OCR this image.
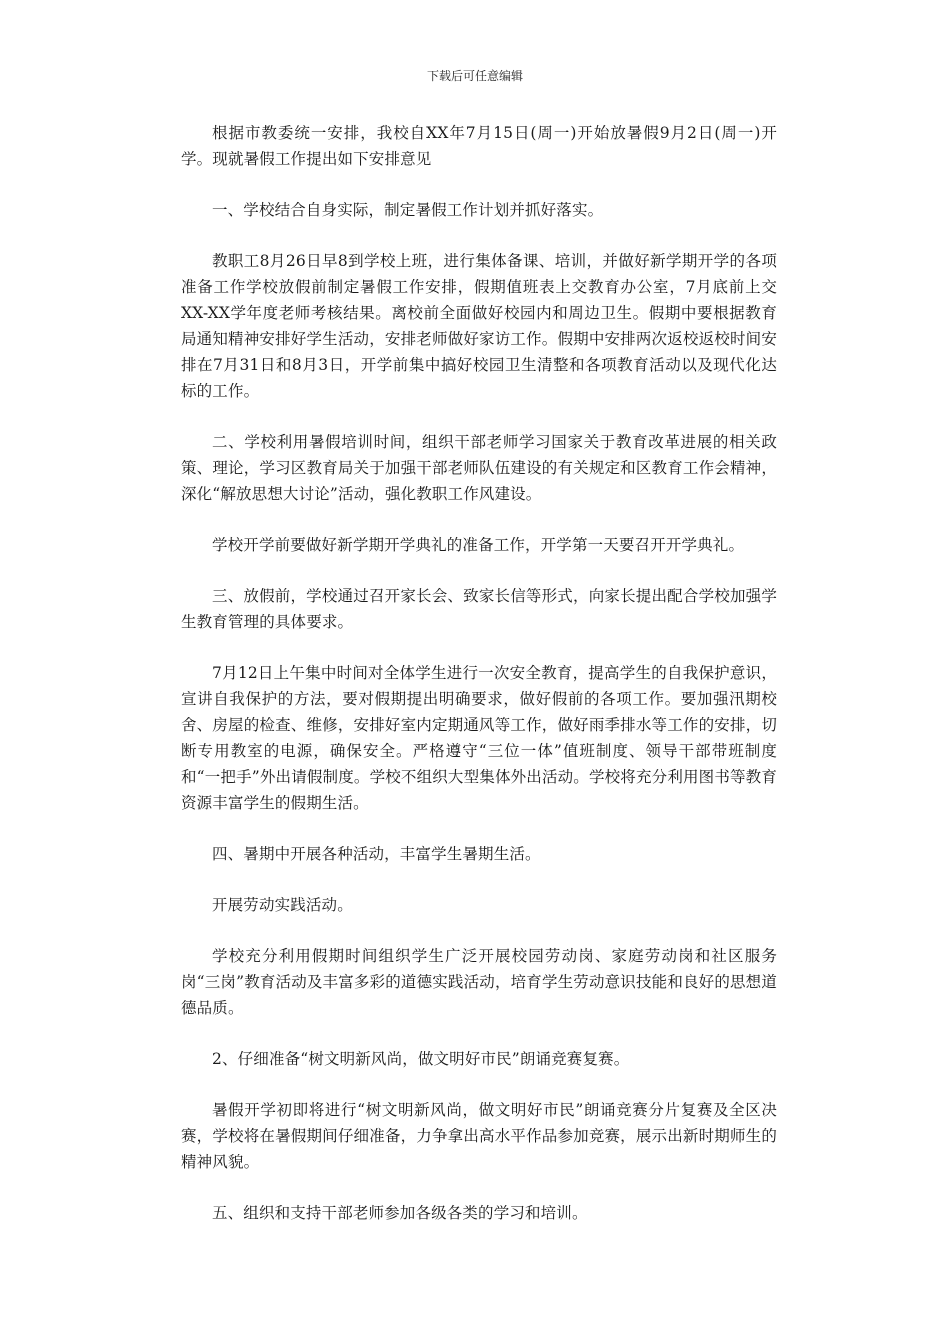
下载后可任意编辑

根据市教委统一安排，我校自XX年7月15日(周一)开始放暑假9月2日(周一)开学。现就暑假工作提出如下安排意见

一、学校结合自身实际，制定暑假工作计划并抓好落实。

教职工8月26日早8到学校上班，进行集体备课、培训，并做好新学期开学的各项准备工作学校放假前制定暑假工作安排，假期值班表上交教育办公室，7月底前上交XX-XX学年度老师考核结果。离校前全面做好校园内和周边卫生。假期中要根据教育局通知精神安排好学生活动，安排老师做好家访工作。假期中安排两次返校返校时间安排在7月31日和8月3日，开学前集中搞好校园卫生清整和各项教育活动以及现代化达标的工作。

二、学校利用暑假培训时间，组织干部老师学习国家关于教育改革进展的相关政策、理论，学习区教育局关于加强干部老师队伍建设的有关规定和区教育工作会精神，深化“解放思想大讨论”活动，强化教职工作风建设。

学校开学前要做好新学期开学典礼的准备工作，开学第一天要召开开学典礼。

三、放假前，学校通过召开家长会、致家长信等形式，向家长提出配合学校加强学生教育管理的具体要求。

7月12日上午集中时间对全体学生进行一次安全教育，提高学生的自我保护意识，宣讲自我保护的方法，要对假期提出明确要求，做好假前的各项工作。要加强汛期校舍、房屋的检查、维修，安排好室内定期通风等工作，做好雨季排水等工作的安排，切断专用教室的电源，确保安全。严格遵守“三位一体”值班制度、领导干部带班制度和“一把手”外出请假制度。学校不组织大型集体外出活动。学校将充分利用图书等教育资源丰富学生的假期生活。

四、暑期中开展各种活动，丰富学生暑期生活。

开展劳动实践活动。

学校充分利用假期时间组织学生广泛开展校园劳动岗、家庭劳动岗和社区服务岗“三岗”教育活动及丰富多彩的道德实践活动，培育学生劳动意识技能和良好的思想道德品质。

2、仔细准备“树文明新风尚，做文明好市民”朗诵竞赛复赛。

暑假开学初即将进行“树文明新风尚，做文明好市民”朗诵竞赛分片复赛及全区决赛，学校将在暑假期间仔细准备，力争拿出高水平作品参加竞赛，展示出新时期师生的精神风貌。

五、组织和支持干部老师参加各级各类的学习和培训。
